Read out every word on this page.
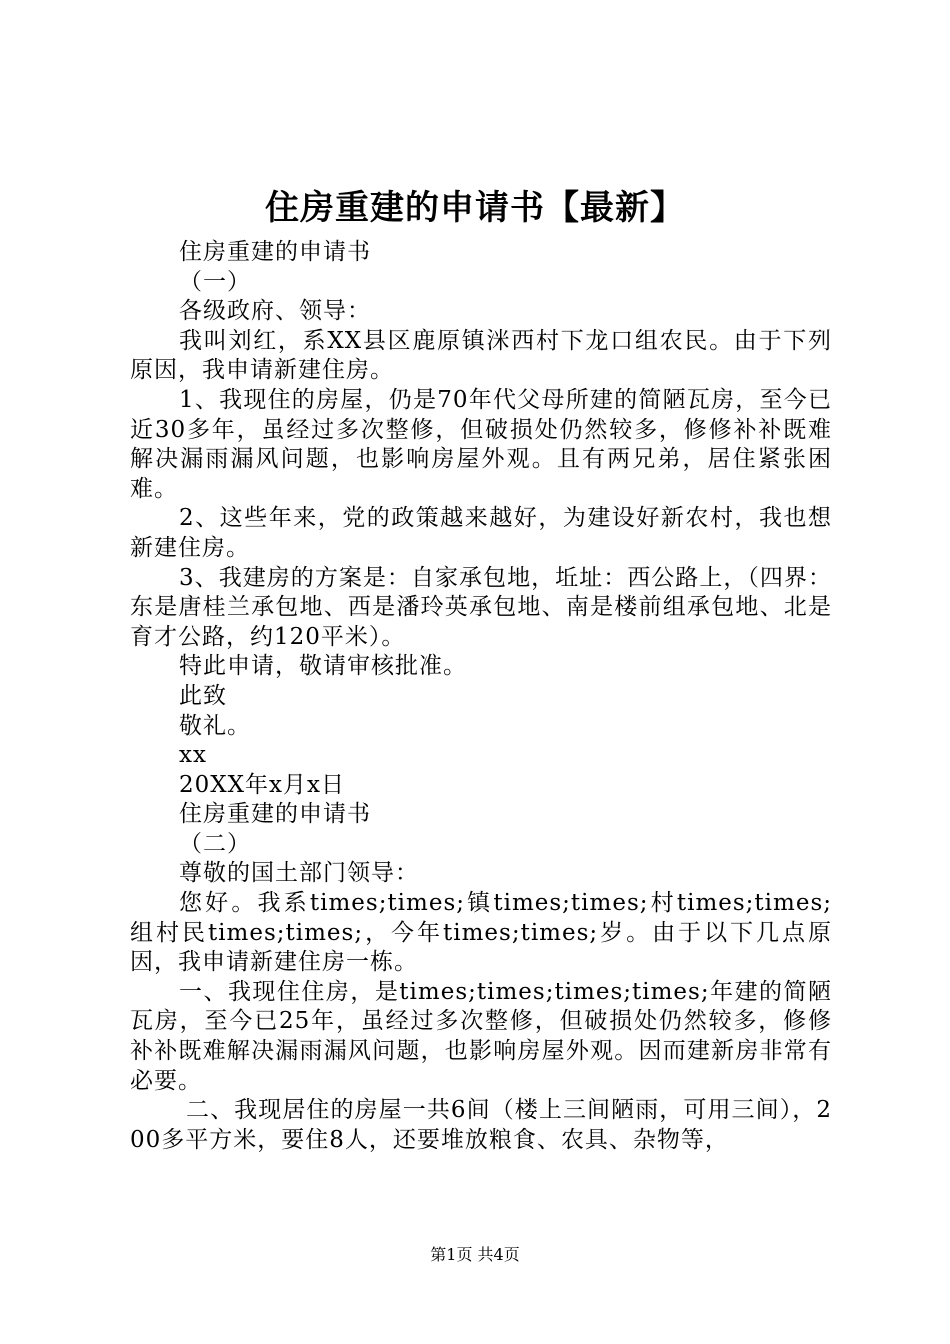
住房重建的申请书【最新】

住房重建的申请书

（一）

各级政府、领导：

我叫刘红，系XX县区鹿原镇洣西村下龙口组农民。由于下列原因，我申请新建住房。

1、我现住的房屋，仍是70年代父母所建的简陋瓦房，至今已近30多年，虽经过多次整修，但破损处仍然较多，修修补补既难解决漏雨漏风问题，也影响房屋外观。且有两兄弟，居住紧张困难。

2、这些年来，党的政策越来越好，为建设好新农村，我也想新建住房。

3、我建房的方案是：自家承包地，坵址：西公路上，（四界：东是唐桂兰承包地、西是潘玲英承包地、南是楼前组承包地、北是育才公路，约120平米）。

特此申请，敬请审核批准。

此致

敬礼。

xx

20XX年x月x日

住房重建的申请书

（二）

尊敬的国土部门领导：

您好。我系times;times;镇times;times;村times;times;组村民times;times;，今年times;times;岁。由于以下几点原因，我申请新建住房一栋。

一、我现住住房，是times;times;times;times;年建的简陋瓦房，至今已25年，虽经过多次整修，但破损处仍然较多，修修补补既难解决漏雨漏风问题，也影响房屋外观。因而建新房非常有必要。

二、我现居住的房屋一共6间（楼上三间陋雨，可用三间），200多平方米，要住8人，还要堆放粮食、农具、杂物等，

第1页 共4页
